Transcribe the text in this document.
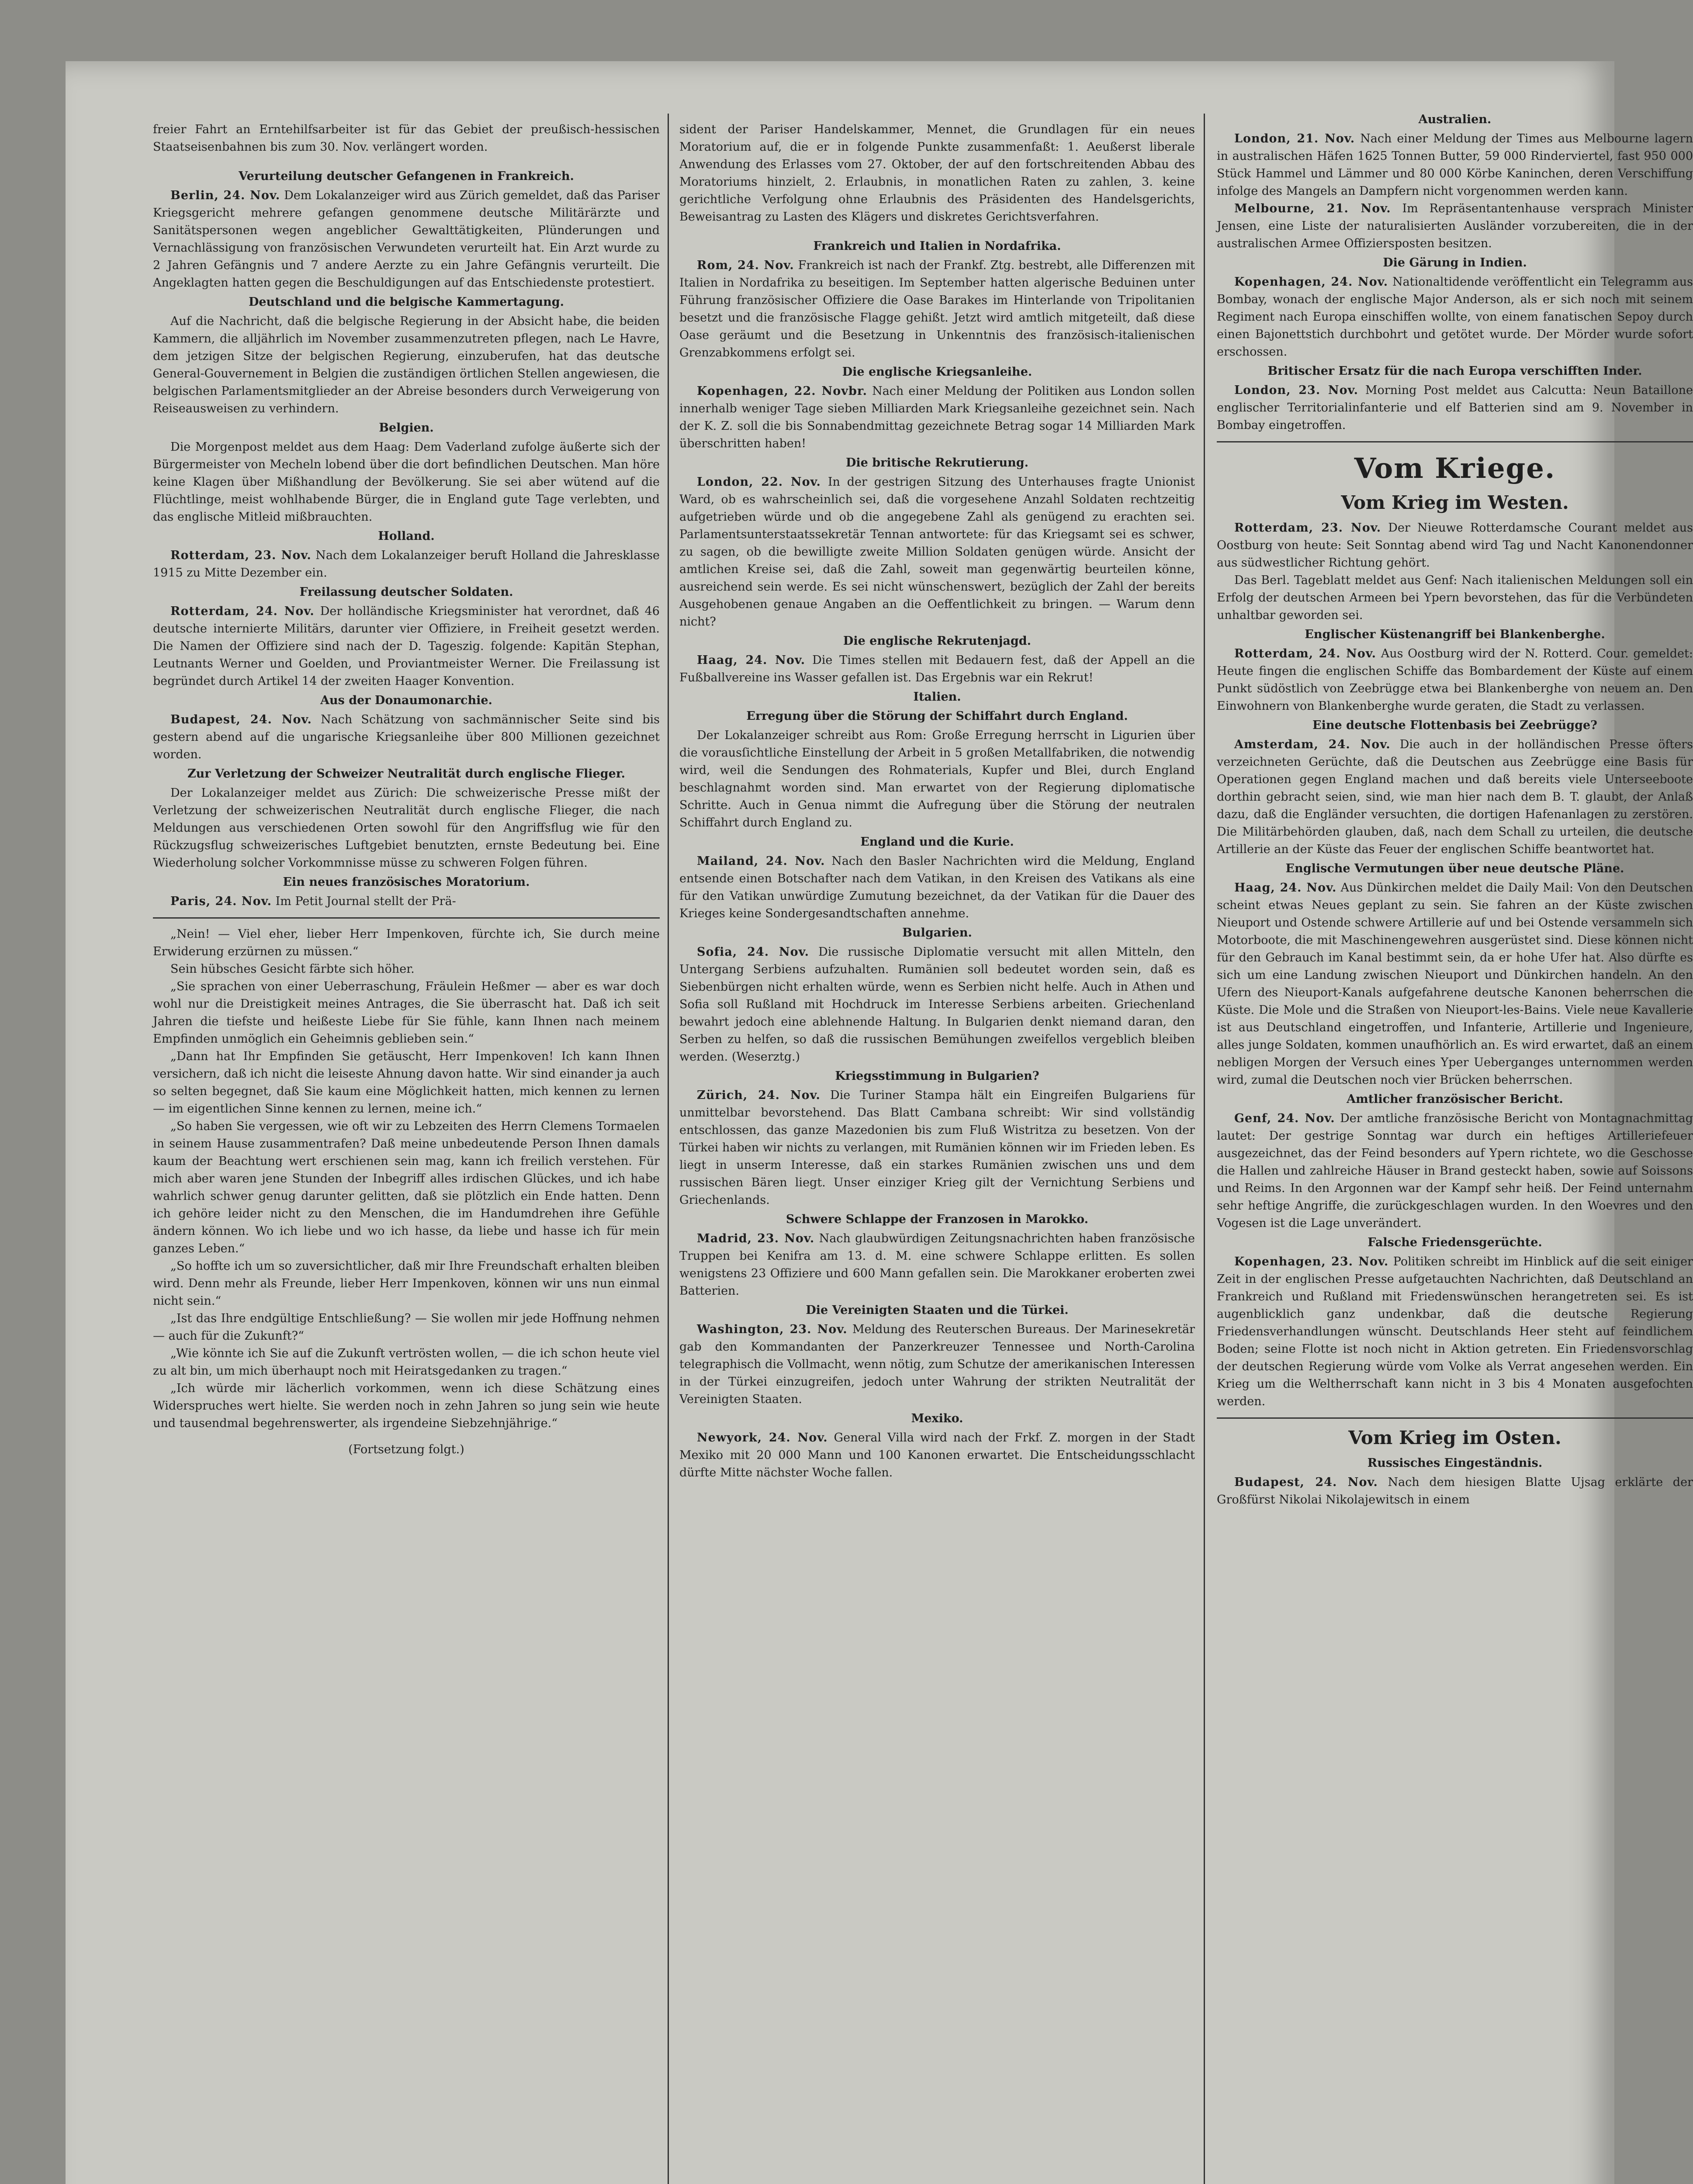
freier Fahrt an Erntehilfsarbeiter ist für das Gebiet der preußisch-hessischen Staatseisenbahnen bis zum 30. Nov. verlängert worden.

Verurteilung deutscher Gefangenen in Frankreich.

Berlin, 24. Nov. Dem Lokalanzeiger wird aus Zürich gemeldet, daß das Pariser Kriegsgericht mehrere gefangen genommene deutsche Militärärzte und Sanitätspersonen wegen angeblicher Gewalttätigkeiten, Plünderungen und Vernachlässigung von französischen Verwundeten verurteilt hat. Ein Arzt wurde zu 2 Jahren Gefängnis und 7 andere Aerzte zu ein Jahre Gefängnis verurteilt. Die Angeklagten hatten gegen die Beschuldigungen auf das Entschiedenste protestiert.

Deutschland und die belgische Kammertagung.

Auf die Nachricht, daß die belgische Regierung in der Absicht habe, die beiden Kammern, die alljährlich im November zusammenzutreten pflegen, nach Le Havre, dem jetzigen Sitze der belgischen Regierung, einzuberufen, hat das deutsche General-Gouvernement in Belgien die zuständigen örtlichen Stellen angewiesen, die belgischen Parlamentsmitglieder an der Abreise besonders durch Verweigerung von Reiseausweisen zu verhindern.

Belgien.

Die Morgenpost meldet aus dem Haag: Dem Vaderland zufolge äußerte sich der Bürgermeister von Mecheln lobend über die dort befindlichen Deutschen. Man höre keine Klagen über Mißhandlung der Bevölkerung. Sie sei aber wütend auf die Flüchtlinge, meist wohlhabende Bürger, die in England gute Tage verlebten, und das englische Mitleid mißbrauchten.

Holland.

Rotterdam, 23. Nov. Nach dem Lokalanzeiger beruft Holland die Jahresklasse 1915 zu Mitte Dezember ein.

Freilassung deutscher Soldaten.

Rotterdam, 24. Nov. Der holländische Kriegsminister hat verordnet, daß 46 deutsche internierte Militärs, darunter vier Offiziere, in Freiheit gesetzt werden. Die Namen der Offiziere sind nach der D. Tageszig. folgende: Kapitän Stephan, Leutnants Werner und Goelden, und Proviantmeister Werner. Die Freilassung ist begründet durch Artikel 14 der zweiten Haager Konvention.

Aus der Donaumonarchie.

Budapest, 24. Nov. Nach Schätzung von sachmännischer Seite sind bis gestern abend auf die ungarische Kriegsanleihe über 800 Millionen gezeichnet worden.

Zur Verletzung der Schweizer Neutralität durch englische Flieger.

Der Lokalanzeiger meldet aus Zürich: Die schweizerische Presse mißt der Verletzung der schweizerischen Neutralität durch englische Flieger, die nach Meldungen aus verschiedenen Orten sowohl für den Angriffsflug wie für den Rückzugsflug schweizerisches Luftgebiet benutzten, ernste Bedeutung bei. Eine Wiederholung solcher Vorkommnisse müsse zu schweren Folgen führen.

Ein neues französisches Moratorium.

Paris, 24. Nov. Im Petit Journal stellt der Prä-

„Nein! — Viel eher, lieber Herr Impenkoven, fürchte ich, Sie durch meine Erwiderung erzürnen zu müssen.“

Sein hübsches Gesicht färbte sich höher.

„Sie sprachen von einer Ueberraschung, Fräulein Heßmer — aber es war doch wohl nur die Dreistigkeit meines Antrages, die Sie überrascht hat. Daß ich seit Jahren die tiefste und heißeste Liebe für Sie fühle, kann Ihnen nach meinem Empfinden unmöglich ein Geheimnis geblieben sein.“

„Dann hat Ihr Empfinden Sie getäuscht, Herr Impenkoven! Ich kann Ihnen versichern, daß ich nicht die leiseste Ahnung davon hatte. Wir sind einander ja auch so selten begegnet, daß Sie kaum eine Möglichkeit hatten, mich kennen zu lernen — im eigentlichen Sinne kennen zu lernen, meine ich.“

„So haben Sie vergessen, wie oft wir zu Lebzeiten des Herrn Clemens Tormaelen in seinem Hause zusammentrafen? Daß meine unbedeutende Person Ihnen damals kaum der Beachtung wert erschienen sein mag, kann ich freilich verstehen. Für mich aber waren jene Stunden der Inbegriff alles irdischen Glückes, und ich habe wahrlich schwer genug darunter gelitten, daß sie plötzlich ein Ende hatten. Denn ich gehöre leider nicht zu den Menschen, die im Handumdrehen ihre Gefühle ändern können. Wo ich liebe und wo ich hasse, da liebe und hasse ich für mein ganzes Leben.“

„So hoffte ich um so zuversichtlicher, daß mir Ihre Freundschaft erhalten bleiben wird. Denn mehr als Freunde, lieber Herr Impenkoven, können wir uns nun einmal nicht sein.“

„Ist das Ihre endgültige Entschließung? — Sie wollen mir jede Hoffnung nehmen — auch für die Zukunft?“

„Wie könnte ich Sie auf die Zukunft vertrösten wollen, — die ich schon heute viel zu alt bin, um mich überhaupt noch mit Heiratsgedanken zu tragen.“

„Ich würde mir lächerlich vorkommen, wenn ich diese Schätzung eines Widerspruches wert hielte. Sie werden noch in zehn Jahren so jung sein wie heute und tausendmal begehrenswerter, als irgendeine Siebzehnjährige.“

(Fortsetzung folgt.)

sident der Pariser Handelskammer, Mennet, die Grundlagen für ein neues Moratorium auf, die er in folgende Punkte zusammenfaßt: 1. Aeußerst liberale Anwendung des Erlasses vom 27. Oktober, der auf den fortschreitenden Abbau des Moratoriums hinzielt, 2. Erlaubnis, in monatlichen Raten zu zahlen, 3. keine gerichtliche Verfolgung ohne Erlaubnis des Präsidenten des Handelsgerichts, Beweisantrag zu Lasten des Klägers und diskretes Gerichtsverfahren.

Frankreich und Italien in Nordafrika.

Rom, 24. Nov. Frankreich ist nach der Frankf. Ztg. bestrebt, alle Differenzen mit Italien in Nordafrika zu beseitigen. Im September hatten algerische Beduinen unter Führung französischer Offiziere die Oase Barakes im Hinterlande von Tripolitanien besetzt und die französische Flagge gehißt. Jetzt wird amtlich mitgeteilt, daß diese Oase geräumt und die Besetzung in Unkenntnis des französisch-italienischen Grenzabkommens erfolgt sei.

Die englische Kriegsanleihe.

Kopenhagen, 22. Novbr. Nach einer Meldung der Politiken aus London sollen innerhalb weniger Tage sieben Milliarden Mark Kriegsanleihe gezeichnet sein. Nach der K. Z. soll die bis Sonnabendmittag gezeichnete Betrag sogar 14 Milliarden Mark überschritten haben!

Die britische Rekrutierung.

London, 22. Nov. In der gestrigen Sitzung des Unterhauses fragte Unionist Ward, ob es wahrscheinlich sei, daß die vorgesehene Anzahl Soldaten rechtzeitig aufgetrieben würde und ob die angegebene Zahl als genügend zu erachten sei. Parlamentsunterstaatssekretär Tennan antwortete: für das Kriegsamt sei es schwer, zu sagen, ob die bewilligte zweite Million Soldaten genügen würde. Ansicht der amtlichen Kreise sei, daß die Zahl, soweit man gegenwärtig beurteilen könne, ausreichend sein werde. Es sei nicht wünschenswert, bezüglich der Zahl der bereits Ausgehobenen genaue Angaben an die Oeffentlichkeit zu bringen. — Warum denn nicht?

Die englische Rekrutenjagd.

Haag, 24. Nov. Die Times stellen mit Bedauern fest, daß der Appell an die Fußballvereine ins Wasser gefallen ist. Das Ergebnis war ein Rekrut!

Italien.
Erregung über die Störung der Schiffahrt durch England.

Der Lokalanzeiger schreibt aus Rom: Große Erregung herrscht in Ligurien über die vorausſichtliche Einstellung der Arbeit in 5 großen Metallfabriken, die notwendig wird, weil die Sendungen des Rohmaterials, Kupfer und Blei, durch England beschlagnahmt worden sind. Man erwartet von der Regierung diplomatische Schritte. Auch in Genua nimmt die Aufregung über die Störung der neutralen Schiffahrt durch England zu.

England und die Kurie.

Mailand, 24. Nov. Nach den Basler Nachrichten wird die Meldung, England entsende einen Botschafter nach dem Vatikan, in den Kreisen des Vatikans als eine für den Vatikan unwürdige Zumutung bezeichnet, da der Vatikan für die Dauer des Krieges keine Sondergesandtschaften annehme.

Bulgarien.

Sofia, 24. Nov. Die russische Diplomatie versucht mit allen Mitteln, den Untergang Serbiens aufzuhalten. Rumänien soll bedeutet worden sein, daß es Siebenbürgen nicht erhalten würde, wenn es Serbien nicht helfe. Auch in Athen und Sofia soll Rußland mit Hochdruck im Interesse Serbiens arbeiten. Griechenland bewahrt jedoch eine ablehnende Haltung. In Bulgarien denkt niemand daran, den Serben zu helfen, so daß die russischen Bemühungen zweifellos vergeblich bleiben werden. (Weserztg.)

Kriegsstimmung in Bulgarien?

Zürich, 24. Nov. Die Turiner Stampa hält ein Eingreifen Bulgariens für unmittelbar bevorstehend. Das Blatt Cambana schreibt: Wir sind vollständig entschlossen, das ganze Mazedonien bis zum Fluß Wistritza zu besetzen. Von der Türkei haben wir nichts zu verlangen, mit Rumänien können wir im Frieden leben. Es liegt in unserm Interesse, daß ein starkes Rumänien zwischen uns und dem russischen Bären liegt. Unser einziger Krieg gilt der Vernichtung Serbiens und Griechenlands.

Schwere Schlappe der Franzosen in Marokko.

Madrid, 23. Nov. Nach glaubwürdigen Zeitungsnachrichten haben französische Truppen bei Kenifra am 13. d. M. eine schwere Schlappe erlitten. Es sollen wenigstens 23 Offiziere und 600 Mann gefallen sein. Die Marokkaner eroberten zwei Batterien.

Die Vereinigten Staaten und die Türkei.

Washington, 23. Nov. Meldung des Reuterschen Bureaus. Der Marinesekretär gab den Kommandanten der Panzerkreuzer Tennessee und North-Carolina telegraphisch die Vollmacht, wenn nötig, zum Schutze der amerikanischen Interessen in der Türkei einzugreifen, jedoch unter Wahrung der strikten Neutralität der Vereinigten Staaten.

Mexiko.

Newyork, 24. Nov. General Villa wird nach der Frkf. Z. morgen in der Stadt Mexiko mit 20 000 Mann und 100 Kanonen erwartet. Die Entscheidungsschlacht dürfte Mitte nächster Woche fallen.

Australien.

London, 21. Nov. Nach einer Meldung der Times aus Melbourne lagern in australischen Häfen 1625 Tonnen Butter, 59 000 Rinderviertel, fast 950 000 Stück Hammel und Lämmer und 80 000 Körbe Kaninchen, deren Verschiffung infolge des Mangels an Dampfern nicht vorgenommen werden kann.

Melbourne, 21. Nov. Im Repräsentantenhause versprach Minister Jensen, eine Liste der naturalisierten Ausländer vorzubereiten, die in der australischen Armee Offiziersposten besitzen.

Die Gärung in Indien.

Kopenhagen, 24. Nov. Nationaltidende veröffentlicht ein Telegramm aus Bombay, wonach der englische Major Anderson, als er sich noch mit seinem Regiment nach Europa einschiffen wollte, von einem fanatischen Sepoy durch einen Bajonettstich durchbohrt und getötet wurde. Der Mörder wurde sofort erschossen.

Britischer Ersatz für die nach Europa verschifften Inder.

London, 23. Nov. Morning Post meldet aus Calcutta: Neun Bataillone englischer Territorialinfanterie und elf Batterien sind am 9. November in Bombay eingetroffen.

Vom Kriege.
Vom Krieg im Westen.

Rotterdam, 23. Nov. Der Nieuwe Rotterdamsche Courant meldet aus Oostburg von heute: Seit Sonntag abend wird Tag und Nacht Kanonendonner aus südwestlicher Richtung gehört.

Das Berl. Tageblatt meldet aus Genf: Nach italienischen Meldungen soll ein Erfolg der deutschen Armeen bei Ypern bevorstehen, das für die Verbündeten unhaltbar geworden sei.

Englischer Küstenangriff bei Blankenberghe.

Rotterdam, 24. Nov. Aus Oostburg wird der N. Rotterd. Cour. gemeldet: Heute fingen die englischen Schiffe das Bombardement der Küste auf einem Punkt südöstlich von Zeebrügge etwa bei Blankenberghe von neuem an. Den Einwohnern von Blankenberghe wurde geraten, die Stadt zu verlassen.

Eine deutsche Flottenbasis bei Zeebrügge?

Amsterdam, 24. Nov. Die auch in der holländischen Presse öfters verzeichneten Gerüchte, daß die Deutschen aus Zeebrügge eine Basis für Operationen gegen England machen und daß bereits viele Unterseeboote dorthin gebracht seien, sind, wie man hier nach dem B. T. glaubt, der Anlaß dazu, daß die Engländer versuchten, die dortigen Hafenanlagen zu zerstören. Die Militärbehörden glauben, daß, nach dem Schall zu urteilen, die deutsche Artillerie an der Küste das Feuer der englischen Schiffe beantwortet hat.

Englische Vermutungen über neue deutsche Pläne.

Haag, 24. Nov. Aus Dünkirchen meldet die Daily Mail: Von den Deutschen scheint etwas Neues geplant zu sein. Sie fahren an der Küste zwischen Nieuport und Ostende schwere Artillerie auf und bei Ostende versammeln sich Motorboote, die mit Maschinengewehren ausgerüstet sind. Diese können nicht für den Gebrauch im Kanal bestimmt sein, da er hohe Ufer hat. Also dürfte es sich um eine Landung zwischen Nieuport und Dünkirchen handeln. An den Ufern des Nieuport-Kanals aufgefahrene deutsche Kanonen beherrschen die Küste. Die Mole und die Straßen von Nieuport-les-Bains. Viele neue Kavallerie ist aus Deutschland eingetroffen, und Infanterie, Artillerie und Ingenieure, alles junge Soldaten, kommen unaufhörlich an. Es wird erwartet, daß an einem nebligen Morgen der Versuch eines Yper Ueberganges unternommen werden wird, zumal die Deutschen noch vier Brücken beherrschen.

Amtlicher französischer Bericht.

Genf, 24. Nov. Der amtliche französische Bericht von Montagnachmittag lautet: Der gestrige Sonntag war durch ein heftiges Artilleriefeuer ausgezeichnet, das der Feind besonders auf Ypern richtete, wo die Geschosse die Hallen und zahlreiche Häuser in Brand gesteckt haben, sowie auf Soissons und Reims. In den Argonnen war der Kampf sehr heiß. Der Feind unternahm sehr heftige Angriffe, die zurückgeschlagen wurden. In den Woevres und den Vogesen ist die Lage unverändert.

Falsche Friedensgerüchte.

Kopenhagen, 23. Nov. Politiken schreibt im Hinblick auf die seit einiger Zeit in der englischen Presse aufgetauchten Nachrichten, daß Deutschland an Frankreich und Rußland mit Friedenswünschen herangetreten sei. Es ist augenblicklich ganz undenkbar, daß die deutsche Regierung Friedensverhandlungen wünscht. Deutschlands Heer steht auf feindlichem Boden; seine Flotte ist noch nicht in Aktion getreten. Ein Friedensvorschlag der deutschen Regierung würde vom Volke als Verrat angesehen werden. Ein Krieg um die Weltherrschaft kann nicht in 3 bis 4 Monaten ausgefochten werden.

Vom Krieg im Osten.
Russisches Eingeständnis.

Budapest, 24. Nov. Nach dem hiesigen Blatte Ujsag erklärte der Großfürst Nikolai Nikolajewitsch in einem
